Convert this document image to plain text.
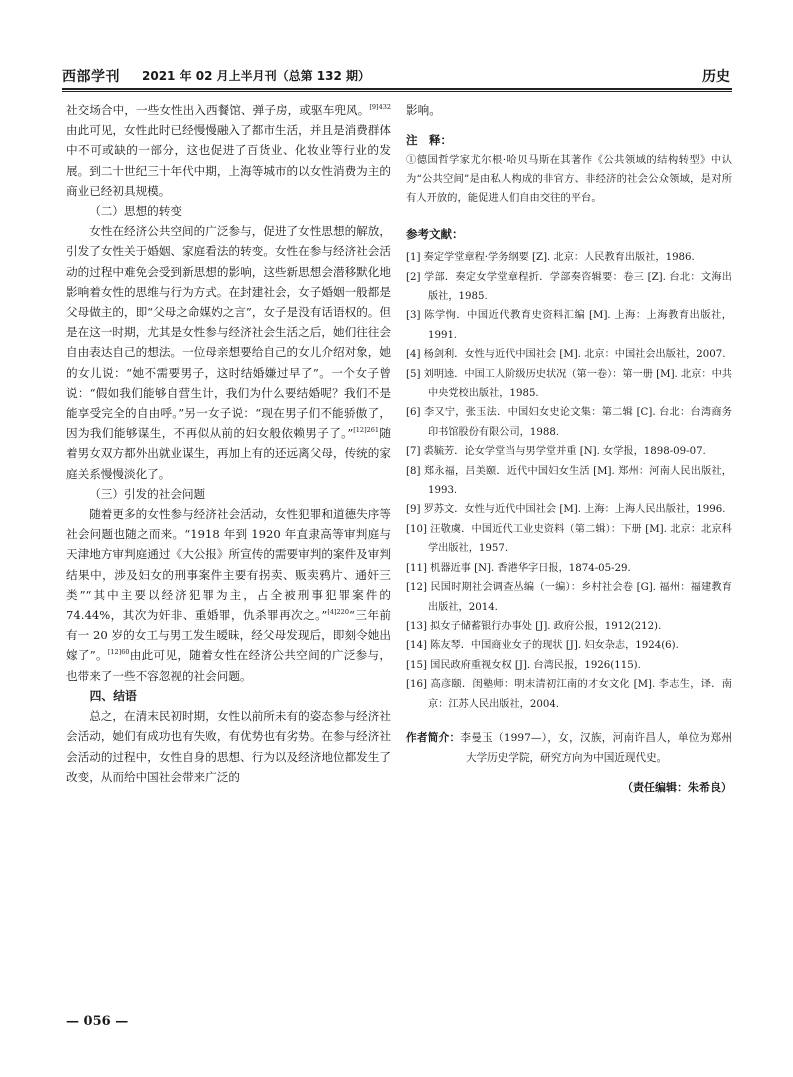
西部学刊 2021 年 02 月上半月刊（总第 132 期）	历史

社交场合中，一些女性出入西餐馆、弹子房，或驱车兜风。$^{[9]432}$由此可见，女性此时已经慢慢融入了都市生活，并且是消费群体中不可或缺的一部分，这也促进了百货业、化妆业等行业的发展。到二十世纪三十年代中期，上海等城市的以女性消费为主的商业已经初具规模。

（二）思想的转变

女性在经济公共空间的广泛参与，促进了女性思想的解放，引发了女性关于婚姻、家庭看法的转变。女性在参与经济社会活动的过程中难免会受到新思想的影响，这些新思想会潜移默化地影响着女性的思维与行为方式。在封建社会，女子婚姻一般都是父母做主的，即“父母之命媒妁之言”，女子是没有话语权的。但是在这一时期，尤其是女性参与经济社会生活之后，她们往往会自由表达自己的想法。一位母亲想要给自己的女儿介绍对象，她的女儿说：“她不需要男子，这时结婚嫌过早了”。一个女子曾说：“假如我们能够自营生计，我们为什么要结婚呢？我们不是能享受完全的自由呼。”另一女子说：“现在男子们不能骄傲了，因为我们能够谋生，不再似从前的妇女般依赖男子了。”$^{[12]261}$随着男女双方都外出就业谋生，再加上有的还远离父母，传统的家庭关系慢慢淡化了。

（三）引发的社会问题

随着更多的女性参与经济社会活动，女性犯罪和道德失序等社会问题也随之而来。“1918 年到 1920 年直隶高等审判庭与天津地方审判庭通过《大公报》所宣传的需要审判的案件及审判结果中，涉及妇女的刑事案件主要有拐卖、贩卖鸦片、通奸三类”“其中主要以经济犯罪为主，占全被刑事犯罪案件的 74.44%，其次为奸非、重婚罪，仇杀罪再次之。”$^{[4]220}$“三年前有一 20 岁的女工与男工发生暧昧，经父母发现后，即刻令她出嫁了”。$^{[12]60}$由此可见，随着女性在经济公共空间的广泛参与，也带来了一些不容忽视的社会问题。

四、结语

总之，在清末民初时期，女性以前所未有的姿态参与经济社会活动，她们有成功也有失败，有优势也有劣势。在参与经济社会活动的过程中，女性自身的思想、行为以及经济地位都发生了改变，从而给中国社会带来广泛的

影响。

注　释：

①德国哲学家尤尔根·哈贝马斯在其著作《公共领域的结构转型》中认为“公共空间”是由私人构成的非官方、非经济的社会公众领域，是对所有人开放的，能促进人们自由交往的平台。

参考文献：
[1] 奏定学堂章程·学务纲要 [Z]. 北京：人民教育出版社，1986.
[2] 学部．奏定女学堂章程折．学部奏咨辑要：卷三 [Z]. 台北：文海出版社，1985.
[3] 陈学恂．中国近代教育史资料汇编 [M]. 上海：上海教育出版社，1991.
[4] 杨剑利．女性与近代中国社会 [M]. 北京：中国社会出版社，2007.
[5] 刘明逵．中国工人阶级历史状况（第一卷）：第一册 [M]. 北京：中共中央党校出版社，1985.
[6] 李又宁，张玉法．中国妇女史论文集：第二辑 [C]. 台北：台湾商务印书馆股份有限公司，1988.
[7] 裘毓芳．论女学堂当与男学堂并重 [N]. 女学报，1898-09-07.
[8] 郑永福，吕美颐．近代中国妇女生活 [M]. 郑州：河南人民出版社，1993.
[9] 罗苏文．女性与近代中国社会 [M]. 上海：上海人民出版社，1996.
[10] 汪敬虞．中国近代工业史资料（第二辑）：下册 [M]. 北京：北京科学出版社，1957.
[11] 机器近事 [N]. 香港华字日报，1874-05-29.
[12] 民国时期社会调查丛编（一编）：乡村社会卷 [G]. 福州：福建教育出版社，2014.
[13] 拟女子储蓄银行办事处 [J]. 政府公报，1912(212).
[14] 陈友琴．中国商业女子的现状 [J]. 妇女杂志，1924(6).
[15] 国民政府重视女权 [J]. 台湾民报，1926(115).
[16] 高彦颐．闺塾师：明末清初江南的才女文化 [M]. 李志生，译．南京：江苏人民出版社，2004.

作者简介：李曼玉（1997—），女，汉族，河南许昌人，单位为郑州大学历史学院，研究方向为中国近现代史。

（责任编辑：朱希良）
— 056 —
